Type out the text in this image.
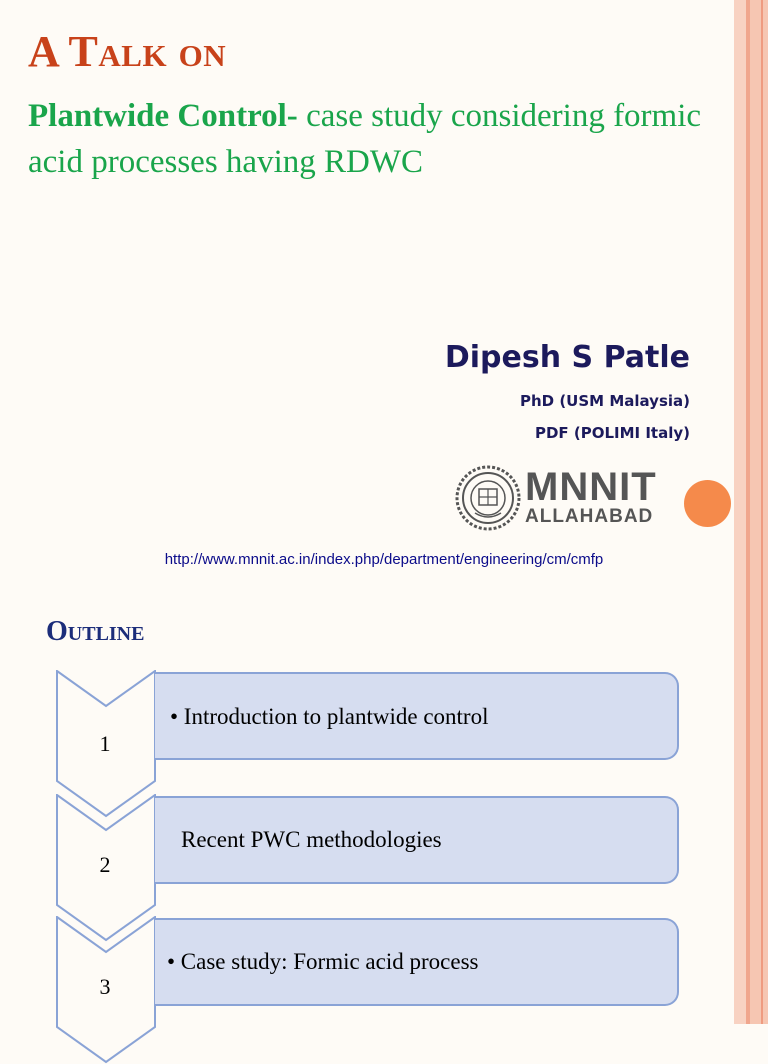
A Talk on
Plantwide Control- case study considering formic acid processes having RDWC
Dipesh S Patle
PhD (USM Malaysia)
PDF (POLIMI Italy)
MNNIT
ALLAHABAD
http://www.mnnit.ac.in/index.php/department/engineering/cm/cmfp
Outline
1
• Introduction to plantwide control
2
Recent PWC methodologies
3
• Case study: Formic acid process
